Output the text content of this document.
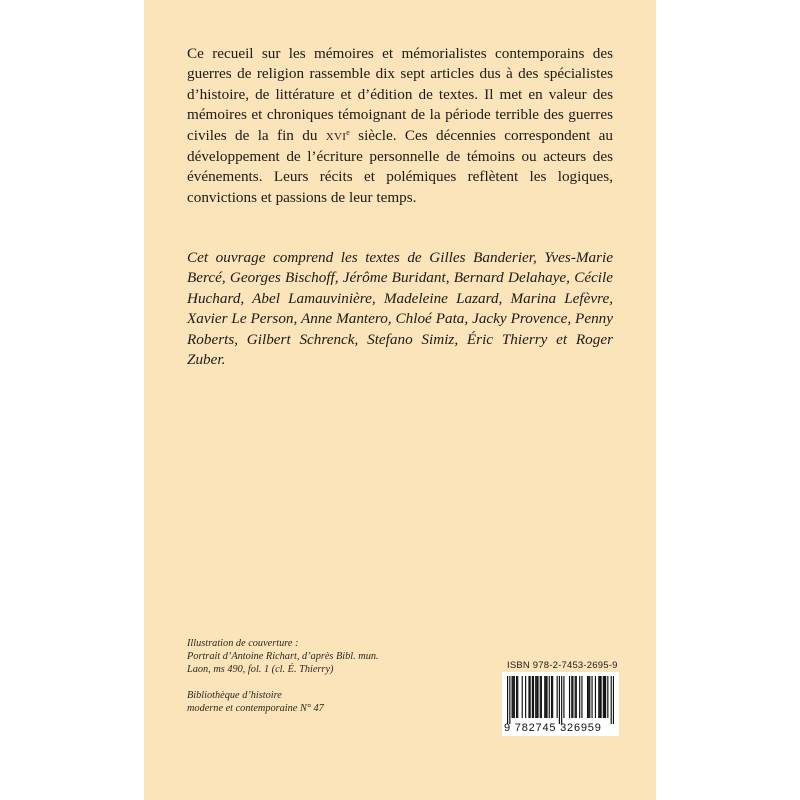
Ce recueil sur les mémoires et mémorialistes contemporains des guerres de religion rassemble dix sept articles dus à des spécialistes d’histoire, de littérature et d’édition de textes. Il met en valeur des mémoires et chroniques témoignant de la période terrible des guerres civiles de la fin du XVIe siècle. Ces décennies correspondent au développement de l’écriture personnelle de témoins ou acteurs des événements. Leurs récits et polémiques reflètent les logiques, convictions et passions de leur temps.

Cet ouvrage comprend les textes de Gilles Banderier, Yves-Marie Bercé, Georges Bischoff, Jérôme Buridant, Bernard Delahaye, Cécile Huchard, Abel Lamauvinière, Madeleine Lazard, Marina Lefèvre, Xavier Le Person, Anne Mantero, Chloé Pata, Jacky Provence, Penny Roberts, Gilbert Schrenck, Stefano Simiz, Éric Thierry et Roger Zuber.

Illustration de couverture :
Portrait d’Antoine Richart, d’après Bibl. mun.
Laon, ms 490, fol. 1 (cl. É. Thierry)

Bibliothèque d’histoire
moderne et contemporaine N° 47

ISBN 978-2-7453-2695-9
9 782745 326959
